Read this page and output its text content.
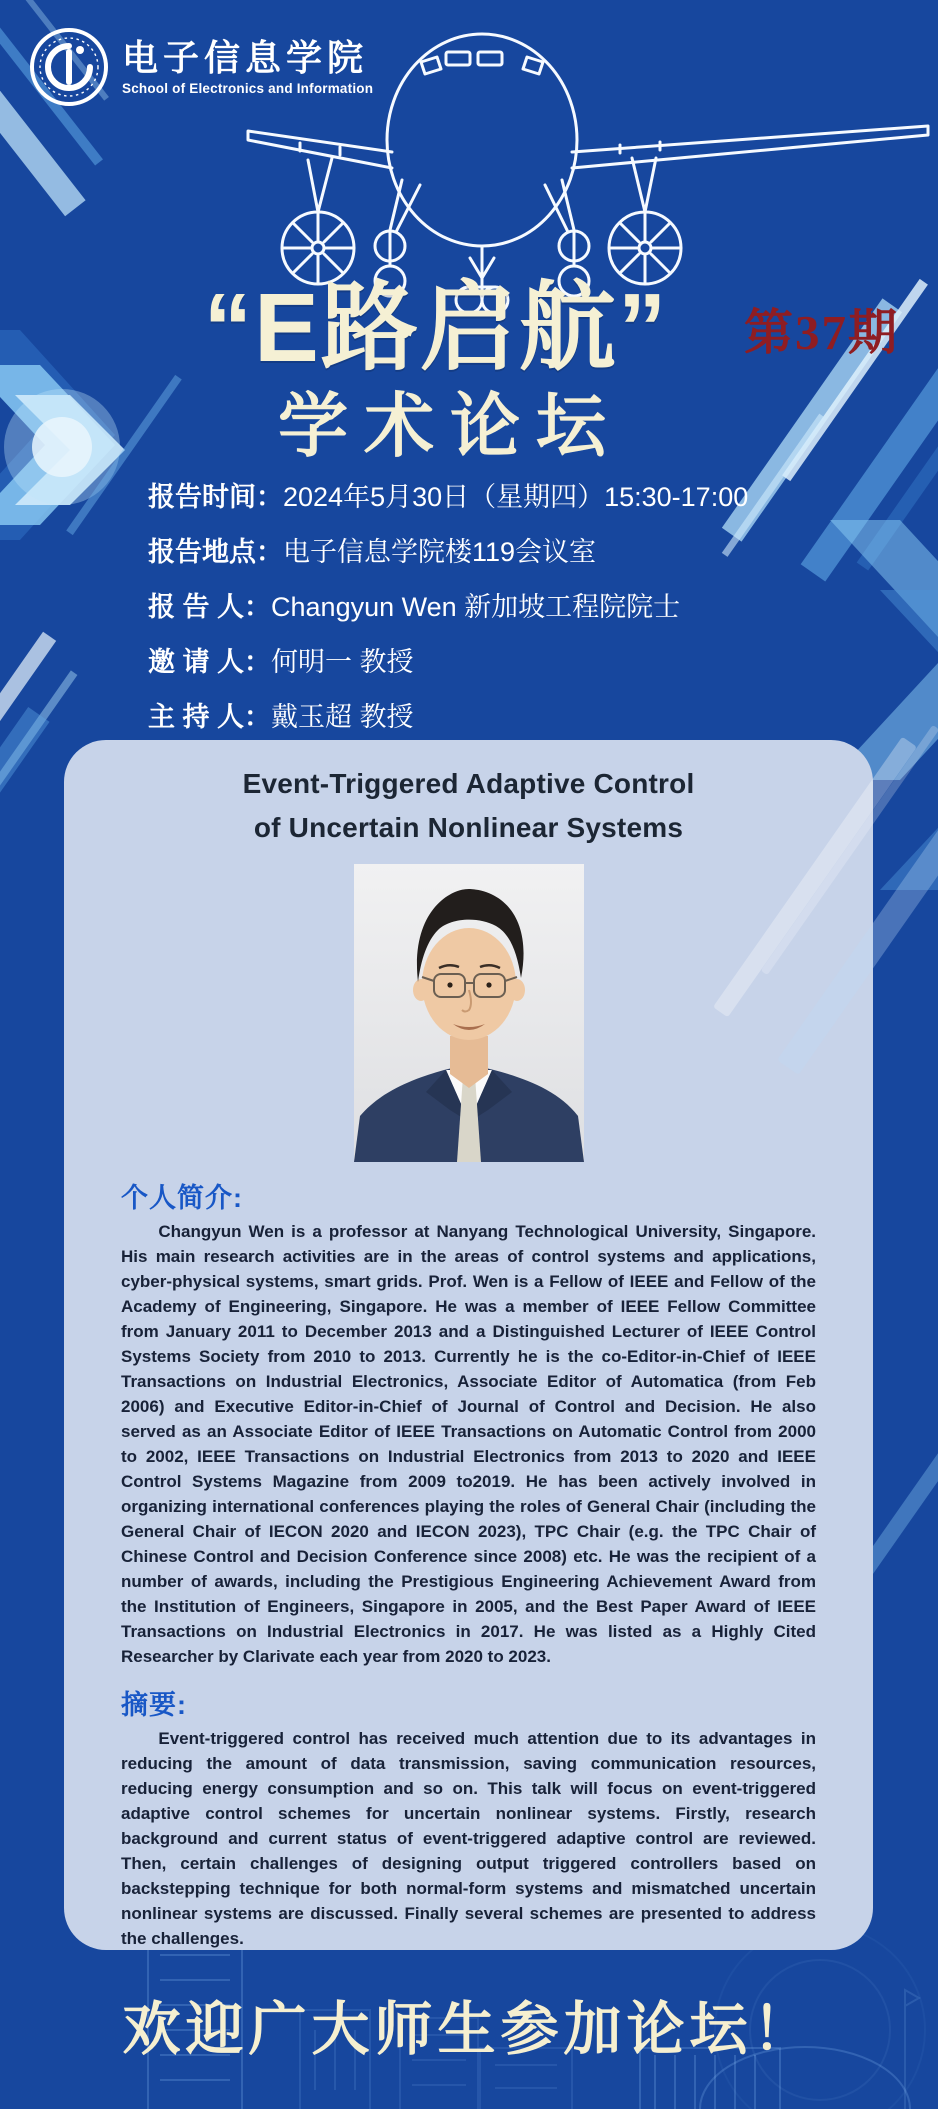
电子信息学院
School of Electronics and Information
“E路启航”	第37期
学术论坛
报告时间：2024年5月30日（星期四）15:30-17:00
报告地点：电子信息学院楼119会议室
报 告 人：Changyun Wen 新加坡工程院院士
邀 请 人：何明一 教授
主 持 人：戴玉超 教授
Event-Triggered Adaptive Control
of Uncertain Nonlinear Systems
个人简介:

Changyun Wen is a professor at Nanyang Technological University, Singapore. His main research activities are in the areas of control systems and applications, cyber-physical systems, smart grids. Prof. Wen is a Fellow of IEEE and Fellow of the Academy of Engineering, Singapore. He was a member of IEEE Fellow Committee from January 2011 to December 2013 and a Distinguished Lecturer of IEEE Control Systems Society from 2010 to 2013. Currently he is the co-Editor-in-Chief of IEEE Transactions on Industrial Electronics, Associate Editor of Automatica (from Feb 2006) and Executive Editor-in-Chief of Journal of Control and Decision. He also served as an Associate Editor of IEEE Transactions on Automatic Control from 2000 to 2002, IEEE Transactions on Industrial Electronics from 2013 to 2020 and IEEE Control Systems Magazine from 2009 to2019. He has been actively involved in organizing international conferences playing the roles of General Chair (including the General Chair of IECON 2020 and IECON 2023), TPC Chair (e.g. the TPC Chair of Chinese Control and Decision Conference since 2008) etc. He was the recipient of a number of awards, including the Prestigious Engineering Achievement Award from the Institution of Engineers, Singapore in 2005, and the Best Paper Award of IEEE Transactions on Industrial Electronics in 2017. He was listed as a Highly Cited Researcher by Clarivate each year from 2020 to 2023.

摘要:

Event-triggered control has received much attention due to its advantages in reducing the amount of data transmission, saving communication resources, reducing energy consumption and so on. This talk will focus on event-triggered adaptive control schemes for uncertain nonlinear systems. Firstly, research background and current status of event-triggered adaptive control are reviewed. Then, certain challenges of designing output triggered controllers based on backstepping technique for both normal-form systems and mismatched uncertain nonlinear systems are discussed. Finally several schemes are presented to address the challenges.

欢迎广大师生参加论坛！
